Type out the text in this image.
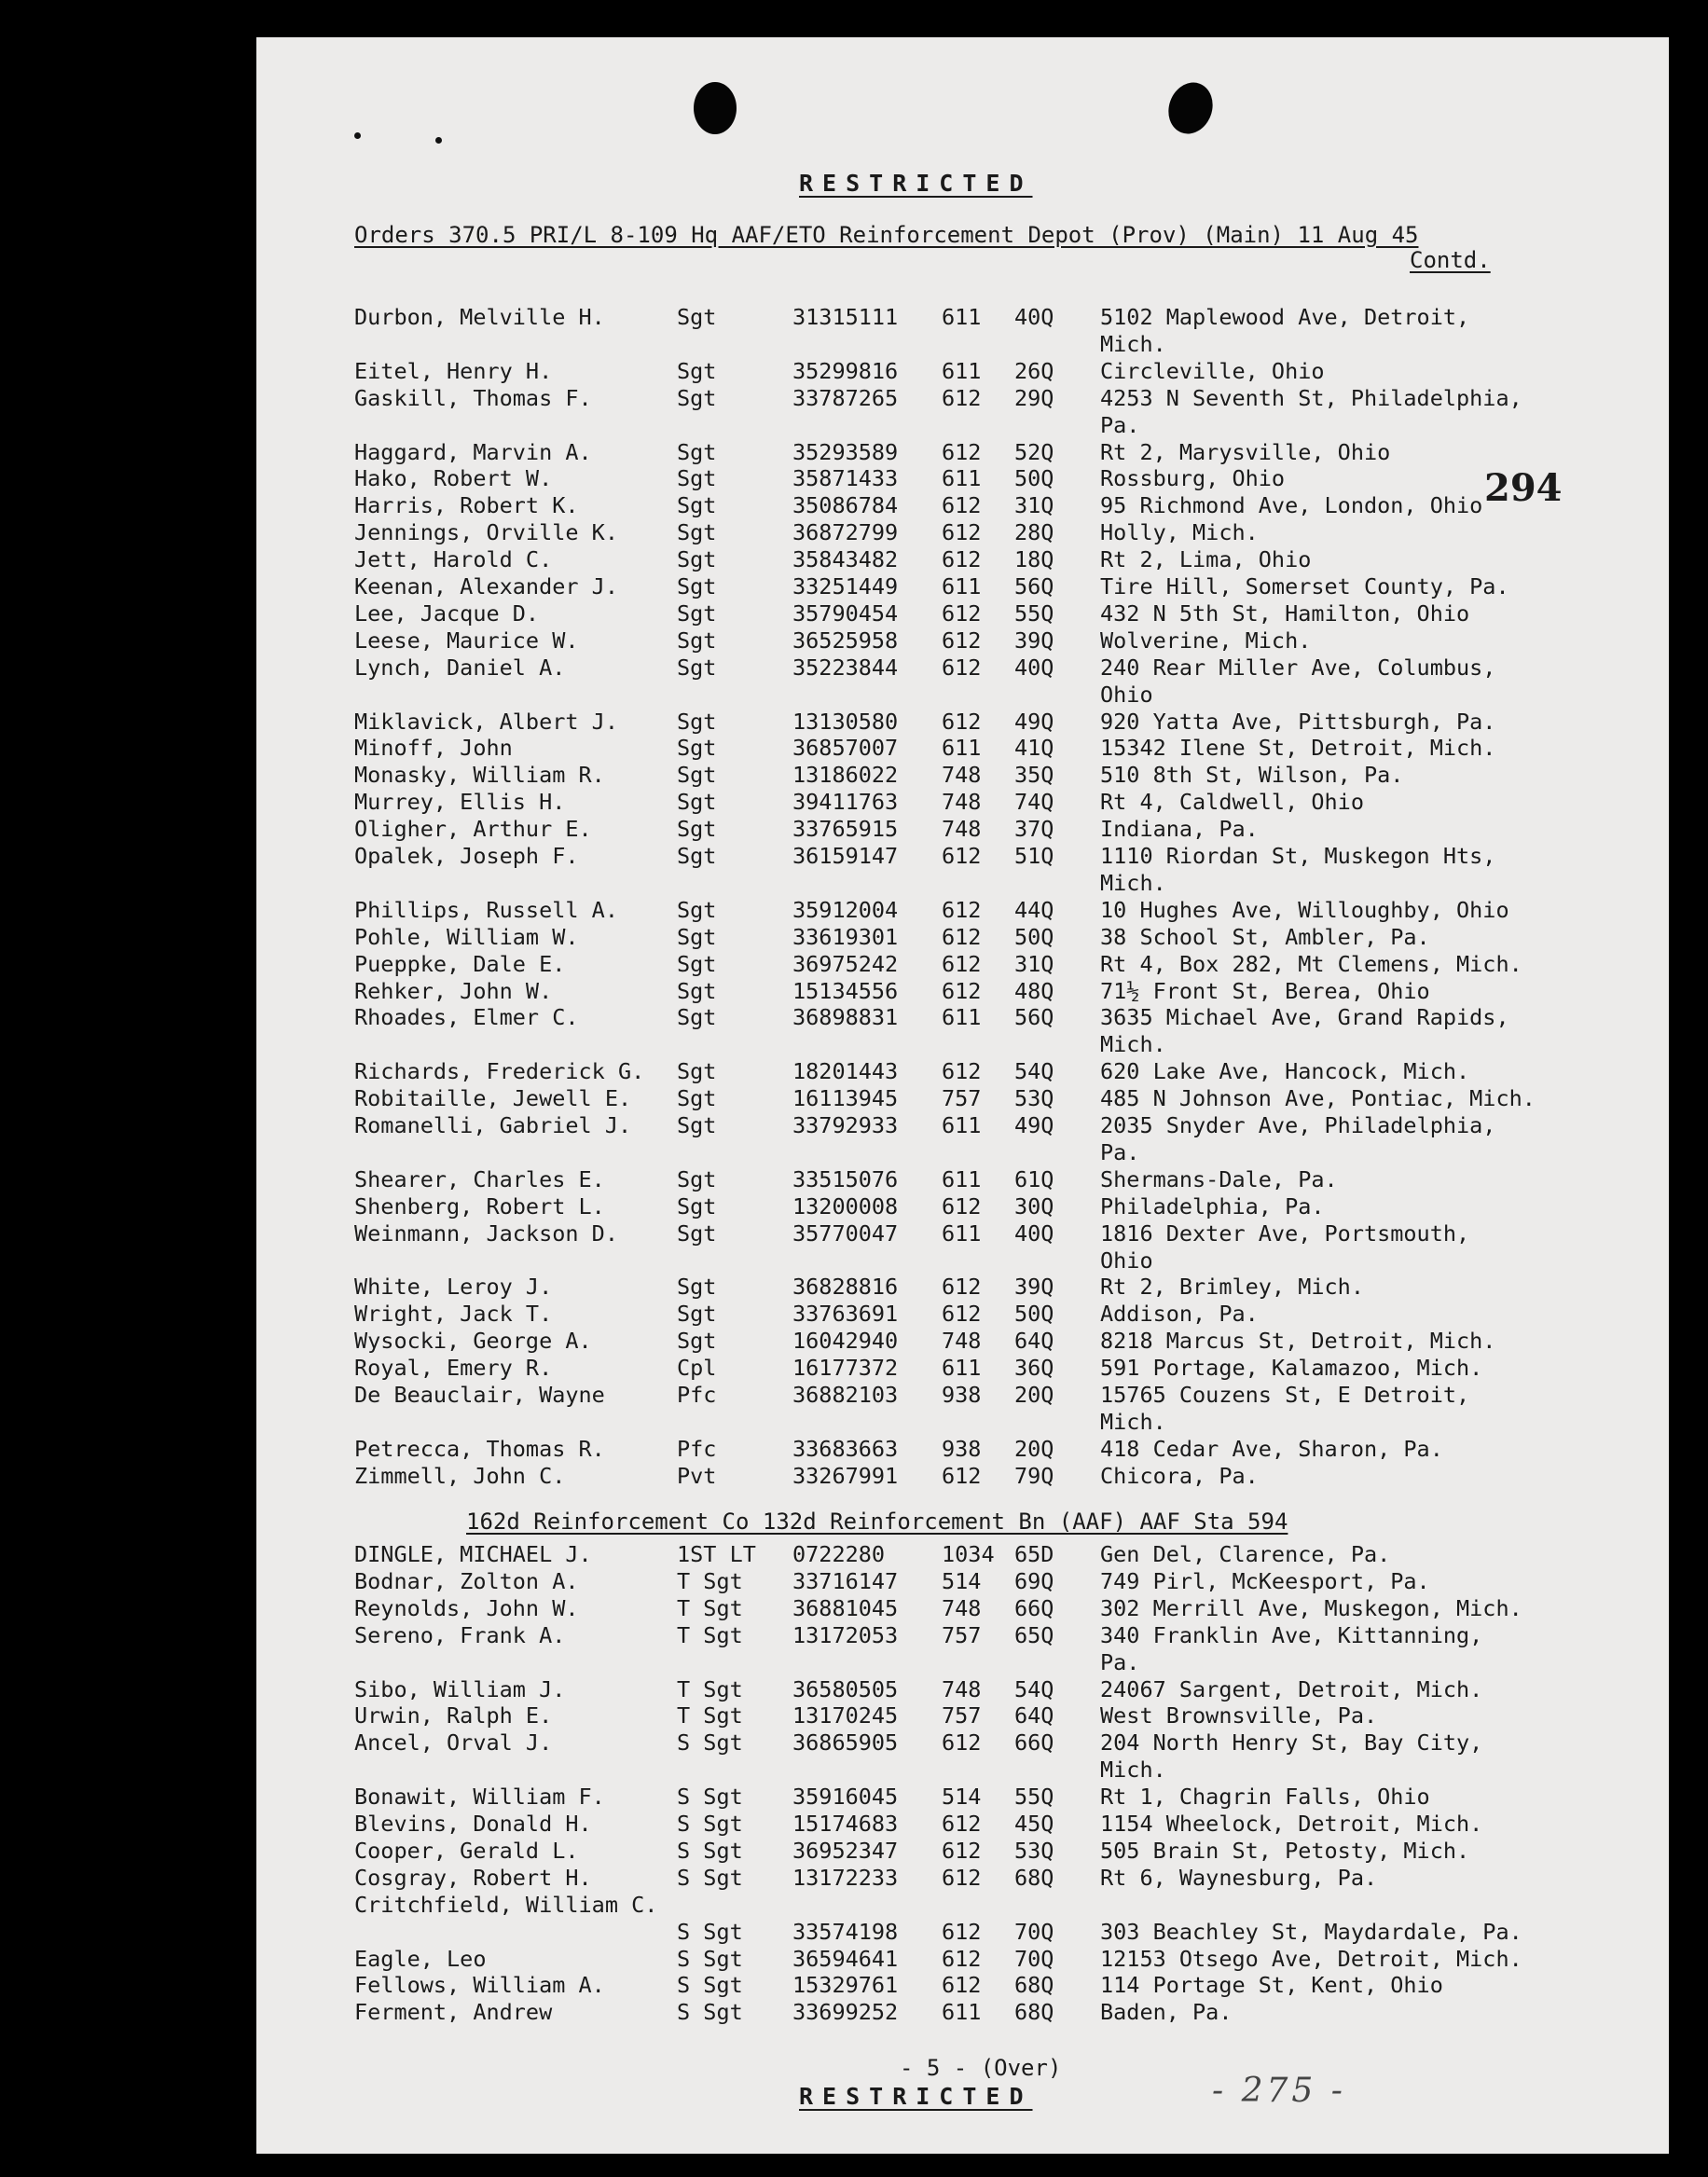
RESTRICTED
Orders 370.5 PRI/L 8-109 Hq AAF/ETO Reinforcement Depot (Prov) (Main) 11 Aug 45
Contd.
294
Durbon, Melville H.	Sgt	31315111 611 40Q 5102 Maplewood Ave, Detroit,
Mich.
Eitel, Henry H.	Sgt	35299816 611 26Q Circleville, Ohio
Gaskill, Thomas F.	Sgt	33787265 612 29Q 4253 N Seventh St, Philadelphia,
Pa.
Haggard, Marvin A.	Sgt	35293589 612 52Q Rt 2, Marysville, Ohio
Hako, Robert W.	Sgt	35871433 611 50Q Rossburg, Ohio
Harris, Robert K.	Sgt	35086784 612 31Q 95 Richmond Ave, London, Ohio
Jennings, Orville K.	Sgt	36872799 612 28Q Holly, Mich.
Jett, Harold C.	Sgt	35843482 612 18Q Rt 2, Lima, Ohio
Keenan, Alexander J.	Sgt	33251449 611 56Q Tire Hill, Somerset County, Pa.
Lee, Jacque D.	Sgt	35790454 612 55Q 432 N 5th St, Hamilton, Ohio
Leese, Maurice W.	Sgt	36525958 612 39Q Wolverine, Mich.
Lynch, Daniel A.	Sgt	35223844 612 40Q 240 Rear Miller Ave, Columbus,
Ohio
Miklavick, Albert J.	Sgt	13130580 612 49Q 920 Yatta Ave, Pittsburgh, Pa.
Minoff, John	Sgt	36857007 611 41Q 15342 Ilene St, Detroit, Mich.
Monasky, William R.	Sgt	13186022 748 35Q 510 8th St, Wilson, Pa.
Murrey, Ellis H.	Sgt	39411763 748 74Q Rt 4, Caldwell, Ohio
Oligher, Arthur E.	Sgt	33765915 748 37Q Indiana, Pa.
Opalek, Joseph F.	Sgt	36159147 612 51Q 1110 Riordan St, Muskegon Hts,
Mich.
Phillips, Russell A.	Sgt	35912004 612 44Q 10 Hughes Ave, Willoughby, Ohio
Pohle, William W.	Sgt	33619301 612 50Q 38 School St, Ambler, Pa.
Pueppke, Dale E.	Sgt	36975242 612 31Q Rt 4, Box 282, Mt Clemens, Mich.
Rehker, John W.	Sgt	15134556 612 48Q 71½ Front St, Berea, Ohio
Rhoades, Elmer C.	Sgt	36898831 611 56Q 3635 Michael Ave, Grand Rapids,
Mich.
Richards, Frederick G. Sgt	18201443 612 54Q 620 Lake Ave, Hancock, Mich.
Robitaille, Jewell E. Sgt	16113945 757 53Q 485 N Johnson Ave, Pontiac, Mich.
Romanelli, Gabriel J. Sgt	33792933 611 49Q 2035 Snyder Ave, Philadelphia,
Pa.
Shearer, Charles E.	Sgt	33515076 611 61Q Shermans-Dale, Pa.
Shenberg, Robert L.	Sgt	13200008 612 30Q Philadelphia, Pa.
Weinmann, Jackson D.	Sgt	35770047 611 40Q 1816 Dexter Ave, Portsmouth,
Ohio
White, Leroy J.	Sgt	36828816 612 39Q Rt 2, Brimley, Mich.
Wright, Jack T.	Sgt	33763691 612 50Q Addison, Pa.
Wysocki, George A.	Sgt	16042940 748 64Q 8218 Marcus St, Detroit, Mich.
Royal, Emery R.	Cpl	16177372 611 36Q 591 Portage, Kalamazoo, Mich.
De Beauclair, Wayne	Pfc	36882103 938 20Q 15765 Couzens St, E Detroit,
Mich.
Petrecca, Thomas R.	Pfc	33683663 938 20Q 418 Cedar Ave, Sharon, Pa.
Zimmell, John C.	Pvt	33267991 612 79Q Chicora, Pa.
162d Reinforcement Co 132d Reinforcement Bn (AAF) AAF Sta 594
DINGLE, MICHAEL J.	1ST LT 0722280	1034 65D Gen Del, Clarence, Pa.
Bodnar, Zolton A.	T Sgt 33716147 514 69Q 749 Pirl, McKeesport, Pa.
Reynolds, John W.	T Sgt 36881045 748 66Q 302 Merrill Ave, Muskegon, Mich.
Sereno, Frank A.	T Sgt 13172053 757 65Q 340 Franklin Ave, Kittanning,
Pa.
Sibo, William J.	T Sgt 36580505 748 54Q 24067 Sargent, Detroit, Mich.
Urwin, Ralph E.	T Sgt 13170245 757 64Q West Brownsville, Pa.
Ancel, Orval J.	S Sgt 36865905 612 66Q 204 North Henry St, Bay City,
Mich.
Bonawit, William F.	S Sgt 35916045 514 55Q Rt 1, Chagrin Falls, Ohio
Blevins, Donald H.	S Sgt 15174683 612 45Q 1154 Wheelock, Detroit, Mich.
Cooper, Gerald L.	S Sgt 36952347 612 53Q 505 Brain St, Petosty, Mich.
Cosgray, Robert H.	S Sgt 13172233 612 68Q Rt 6, Waynesburg, Pa.
Critchfield, William C.
S Sgt 33574198 612 70Q 303 Beachley St, Maydardale, Pa.
Eagle, Leo	S Sgt 36594641 612 70Q 12153 Otsego Ave, Detroit, Mich.
Fellows, William A.	S Sgt 15329761 612 68Q 114 Portage St, Kent, Ohio
Ferment, Andrew	S Sgt 33699252 611 68Q Baden, Pa.
- 5 - (Over)
RESTRICTED	- 275 -
